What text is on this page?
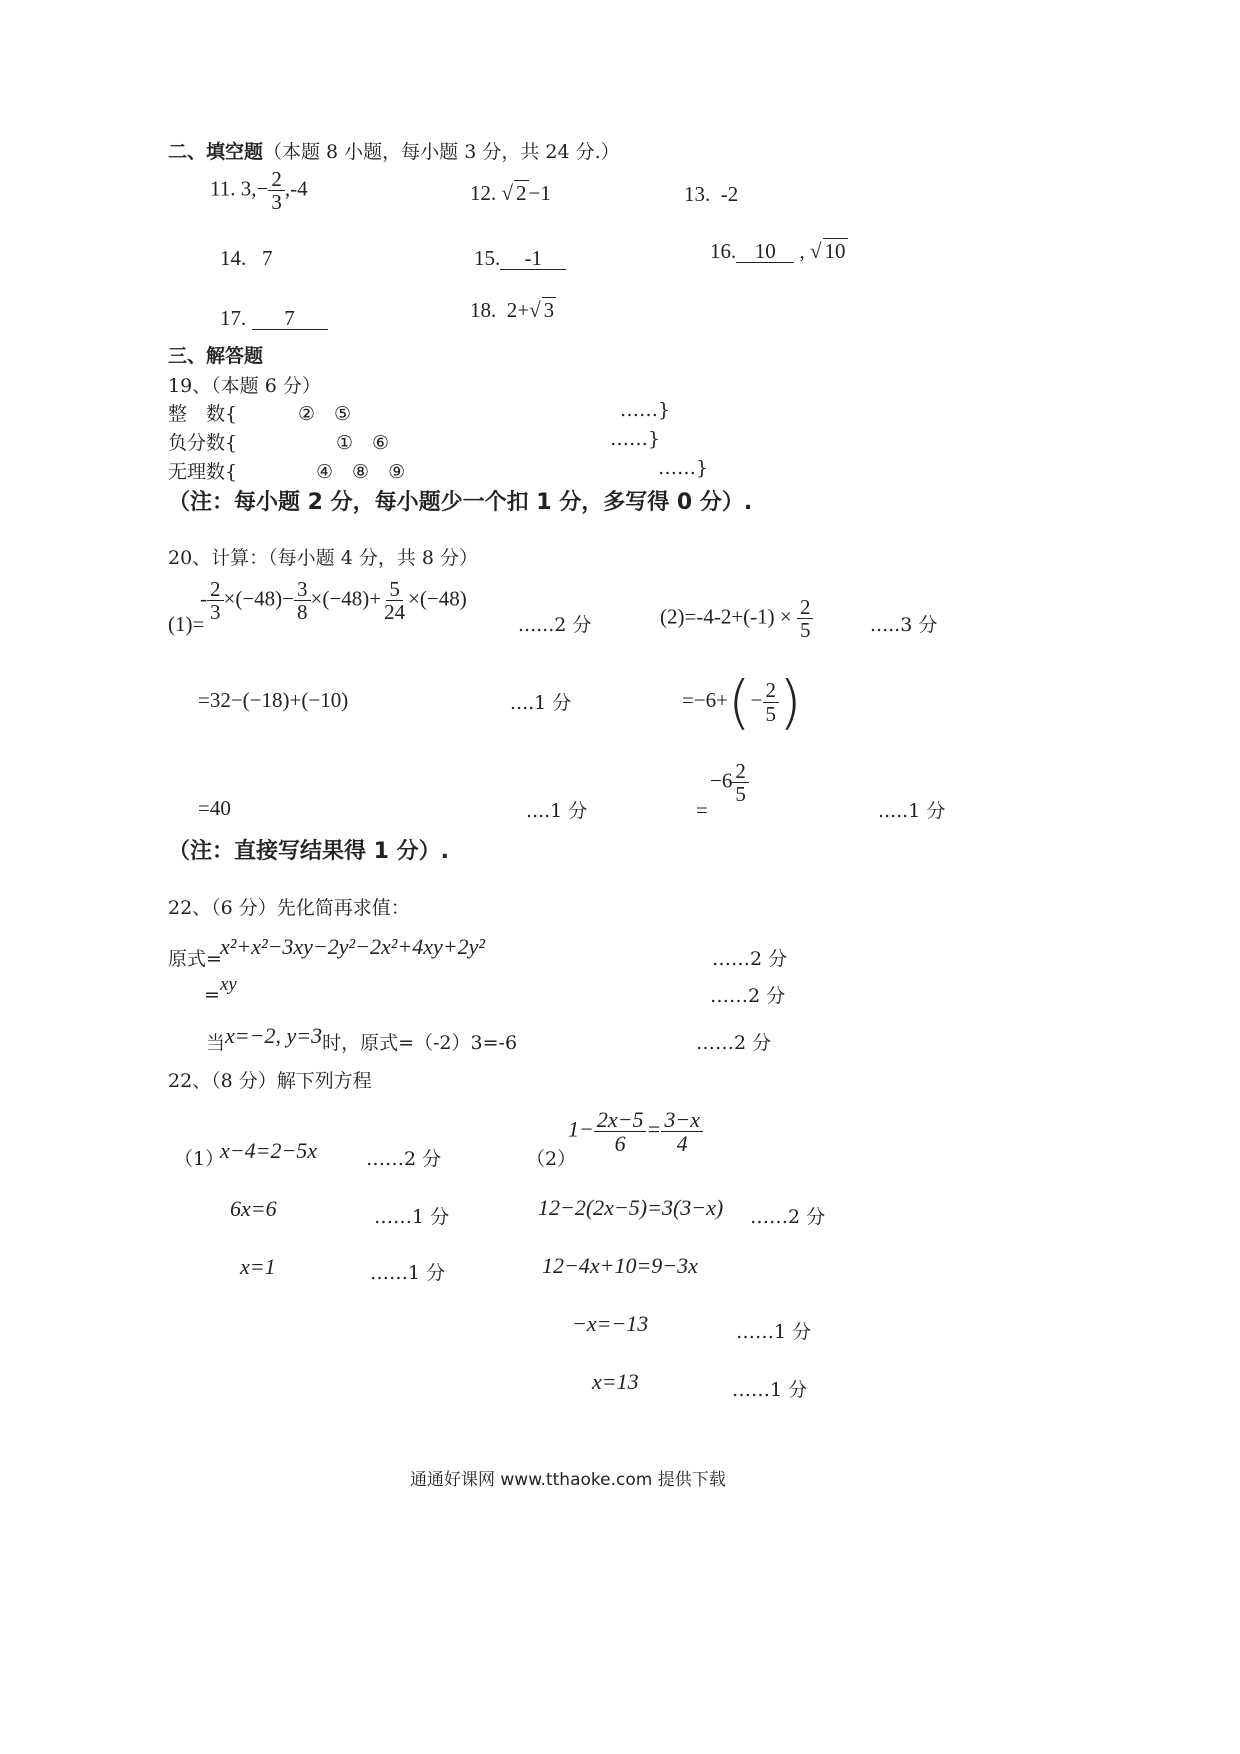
二、填空题（本题 8 小题，每小题 3 分，共 24 分.）
11. $3,- \frac{2}{3} ,-4$	12. √ 2−1	13. -2
14. 7	15. -1	16. 10 , √ 10
17. 7	18. 2+√ 3
三、解答题
19、（本题 6 分）
整　数{	②　⑤	……}
负分数{	①　⑥	……}
无理数{	④　⑧　⑨	……}
（注：每小题 2 分，每小题少一个扣 1 分，多写得 0 分）.
20、计算：（每小题 4 分，共 8 分）
(1)=
- $\frac{2}{3} \times(-48)- \frac{3}{8} \times(-48)+ \frac{5}{24} \times(-48)$
......2 分	$(2)=-4-2+(-1) \times \frac{2}{5}$	.....3 分
=32−(−18)+(−10)	....1 分	$=-6+(- \frac{2}{5}$ )
=40	....1 分	=
$-6 \frac{2}{5}$
.....1 分
（注：直接写结果得 1 分）.
22、（6 分）先化简再求值：
原式=
x²+x²−3xy−2y²−2x²+4xy+2y²	……2 分
= xy
……2 分
当x=−2, y=3时，原式=（-2）3=-6	……2 分
22、（8 分）解下列方程
（1）
x−4=2−5x	……2 分
6x=6	……1 分
x=1	……1 分
（2）
$1- \frac{2x-5}{6} = \frac{3-x}{4}$
12−2(2x−5)=3(3−x) ……2 分
12−4x+10=9−3x
−x=−13	……1 分
x=13	……1 分
通通好课网 www.tthaoke.com 提供下载
